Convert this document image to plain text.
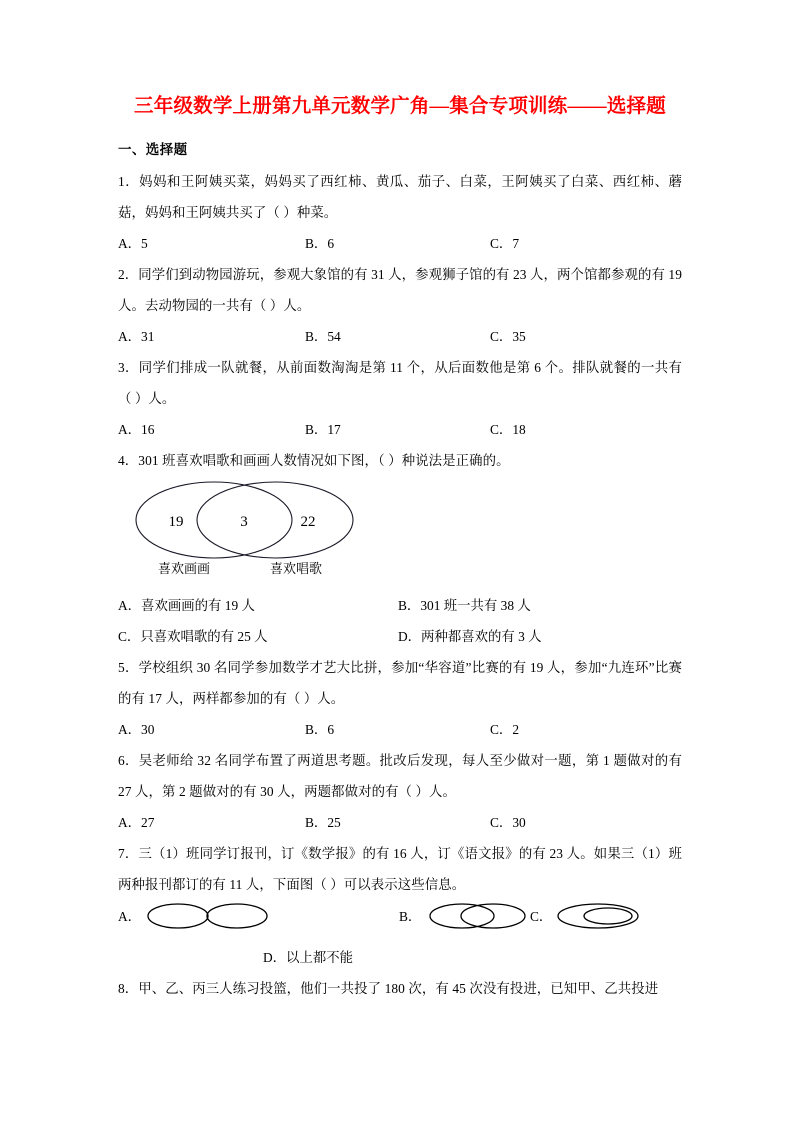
三年级数学上册第九单元数学广角—集合专项训练——选择题
一、选择题
1．妈妈和王阿姨买菜，妈妈买了西红柿、黄瓜、茄子、白菜，王阿姨买了白菜、西红柿、蘑菇，妈妈和王阿姨共买了（ ）种菜。
A．5	B．6	C．7
2．同学们到动物园游玩，参观大象馆的有 31 人，参观狮子馆的有 23 人，两个馆都参观的有 19 人。去动物园的一共有（ ）人。
A．31	B．54	C．35
3．同学们排成一队就餐，从前面数淘淘是第 11 个，从后面数他是第 6 个。排队就餐的一共有（ ）人。
A．16	B．17	C．18
4．301 班喜欢唱歌和画画人数情况如下图，（ ）种说法是正确的。
19	3	22
喜欢画画	喜欢唱歌
A．喜欢画画的有 19 人	B．301 班一共有 38 人
C．只喜欢唱歌的有 25 人	D．两种都喜欢的有 3 人
5．学校组织 30 名同学参加数学才艺大比拼，参加“华容道”比赛的有 19 人，参加“九连环”比赛的有 17 人，两样都参加的有（ ）人。
A．30	B．6	C．2
6．吴老师给 32 名同学布置了两道思考题。批改后发现，每人至少做对一题，第 1 题做对的有 27 人，第 2 题做对的有 30 人，两题都做对的有（ ）人。
A．27	B．25	C．30
7．三（1）班同学订报刊，订《数学报》的有 16 人，订《语文报》的有 23 人。如果三（1）班两种报刊都订的有 11 人，下面图（ ）可以表示这些信息。
A．	B．	C．
D．以上都不能
8．甲、乙、丙三人练习投篮，他们一共投了 180 次，有 45 次没有投进，已知甲、乙共投进
